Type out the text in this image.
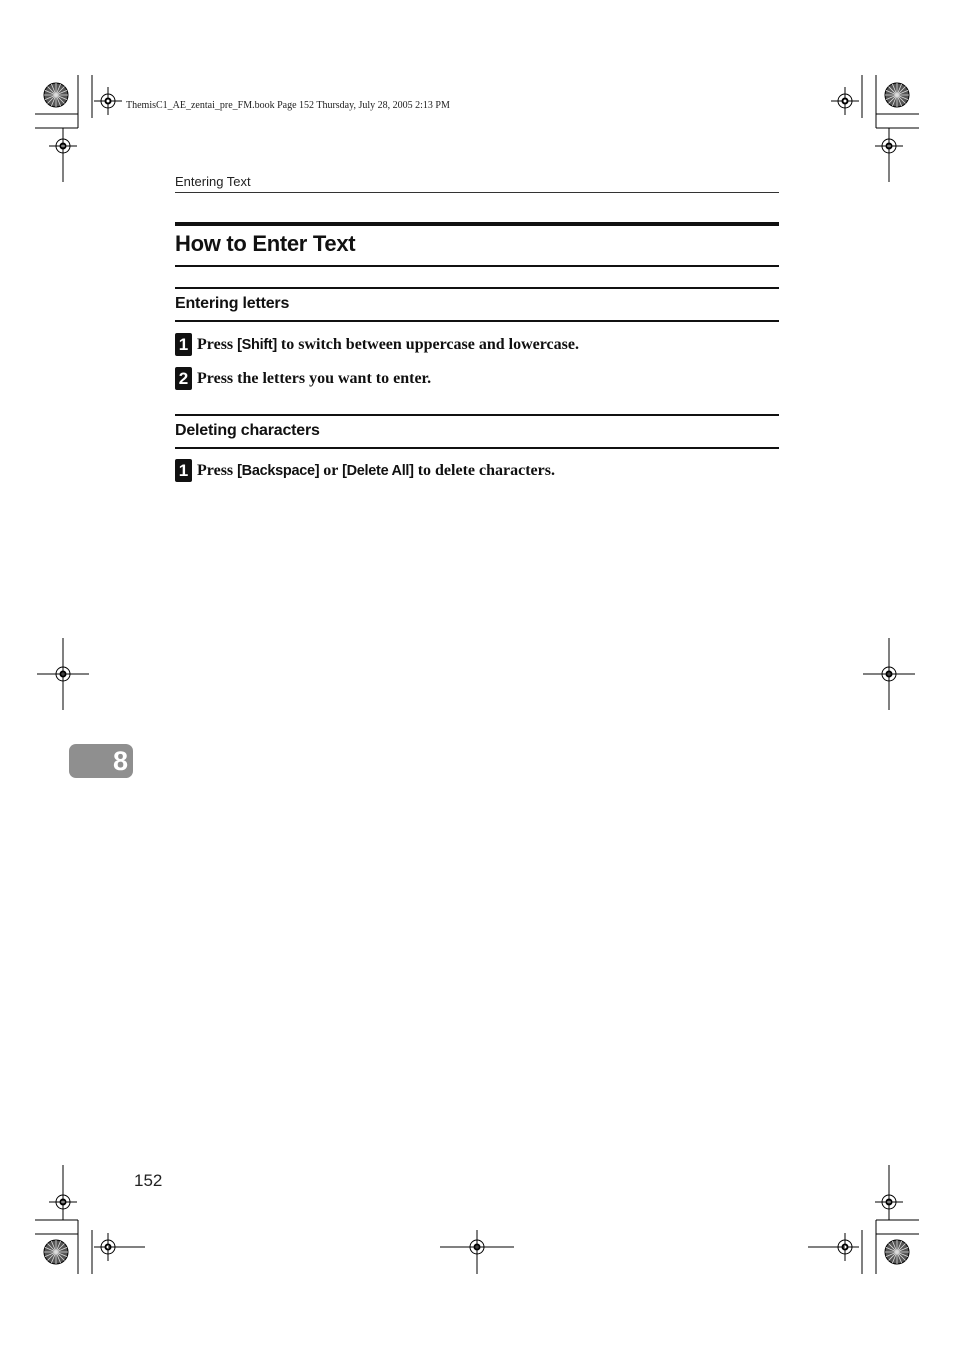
ThemisC1_AE_zentai_pre_FM.book Page 152 Thursday, July 28, 2005 2:13 PM
Entering Text
How to Enter Text
Entering letters
1 Press [Shift] to switch between uppercase and lowercase.
2 Press the letters you want to enter.
Deleting characters
1 Press [Backspace] or [Delete All] to delete characters.
8
152
